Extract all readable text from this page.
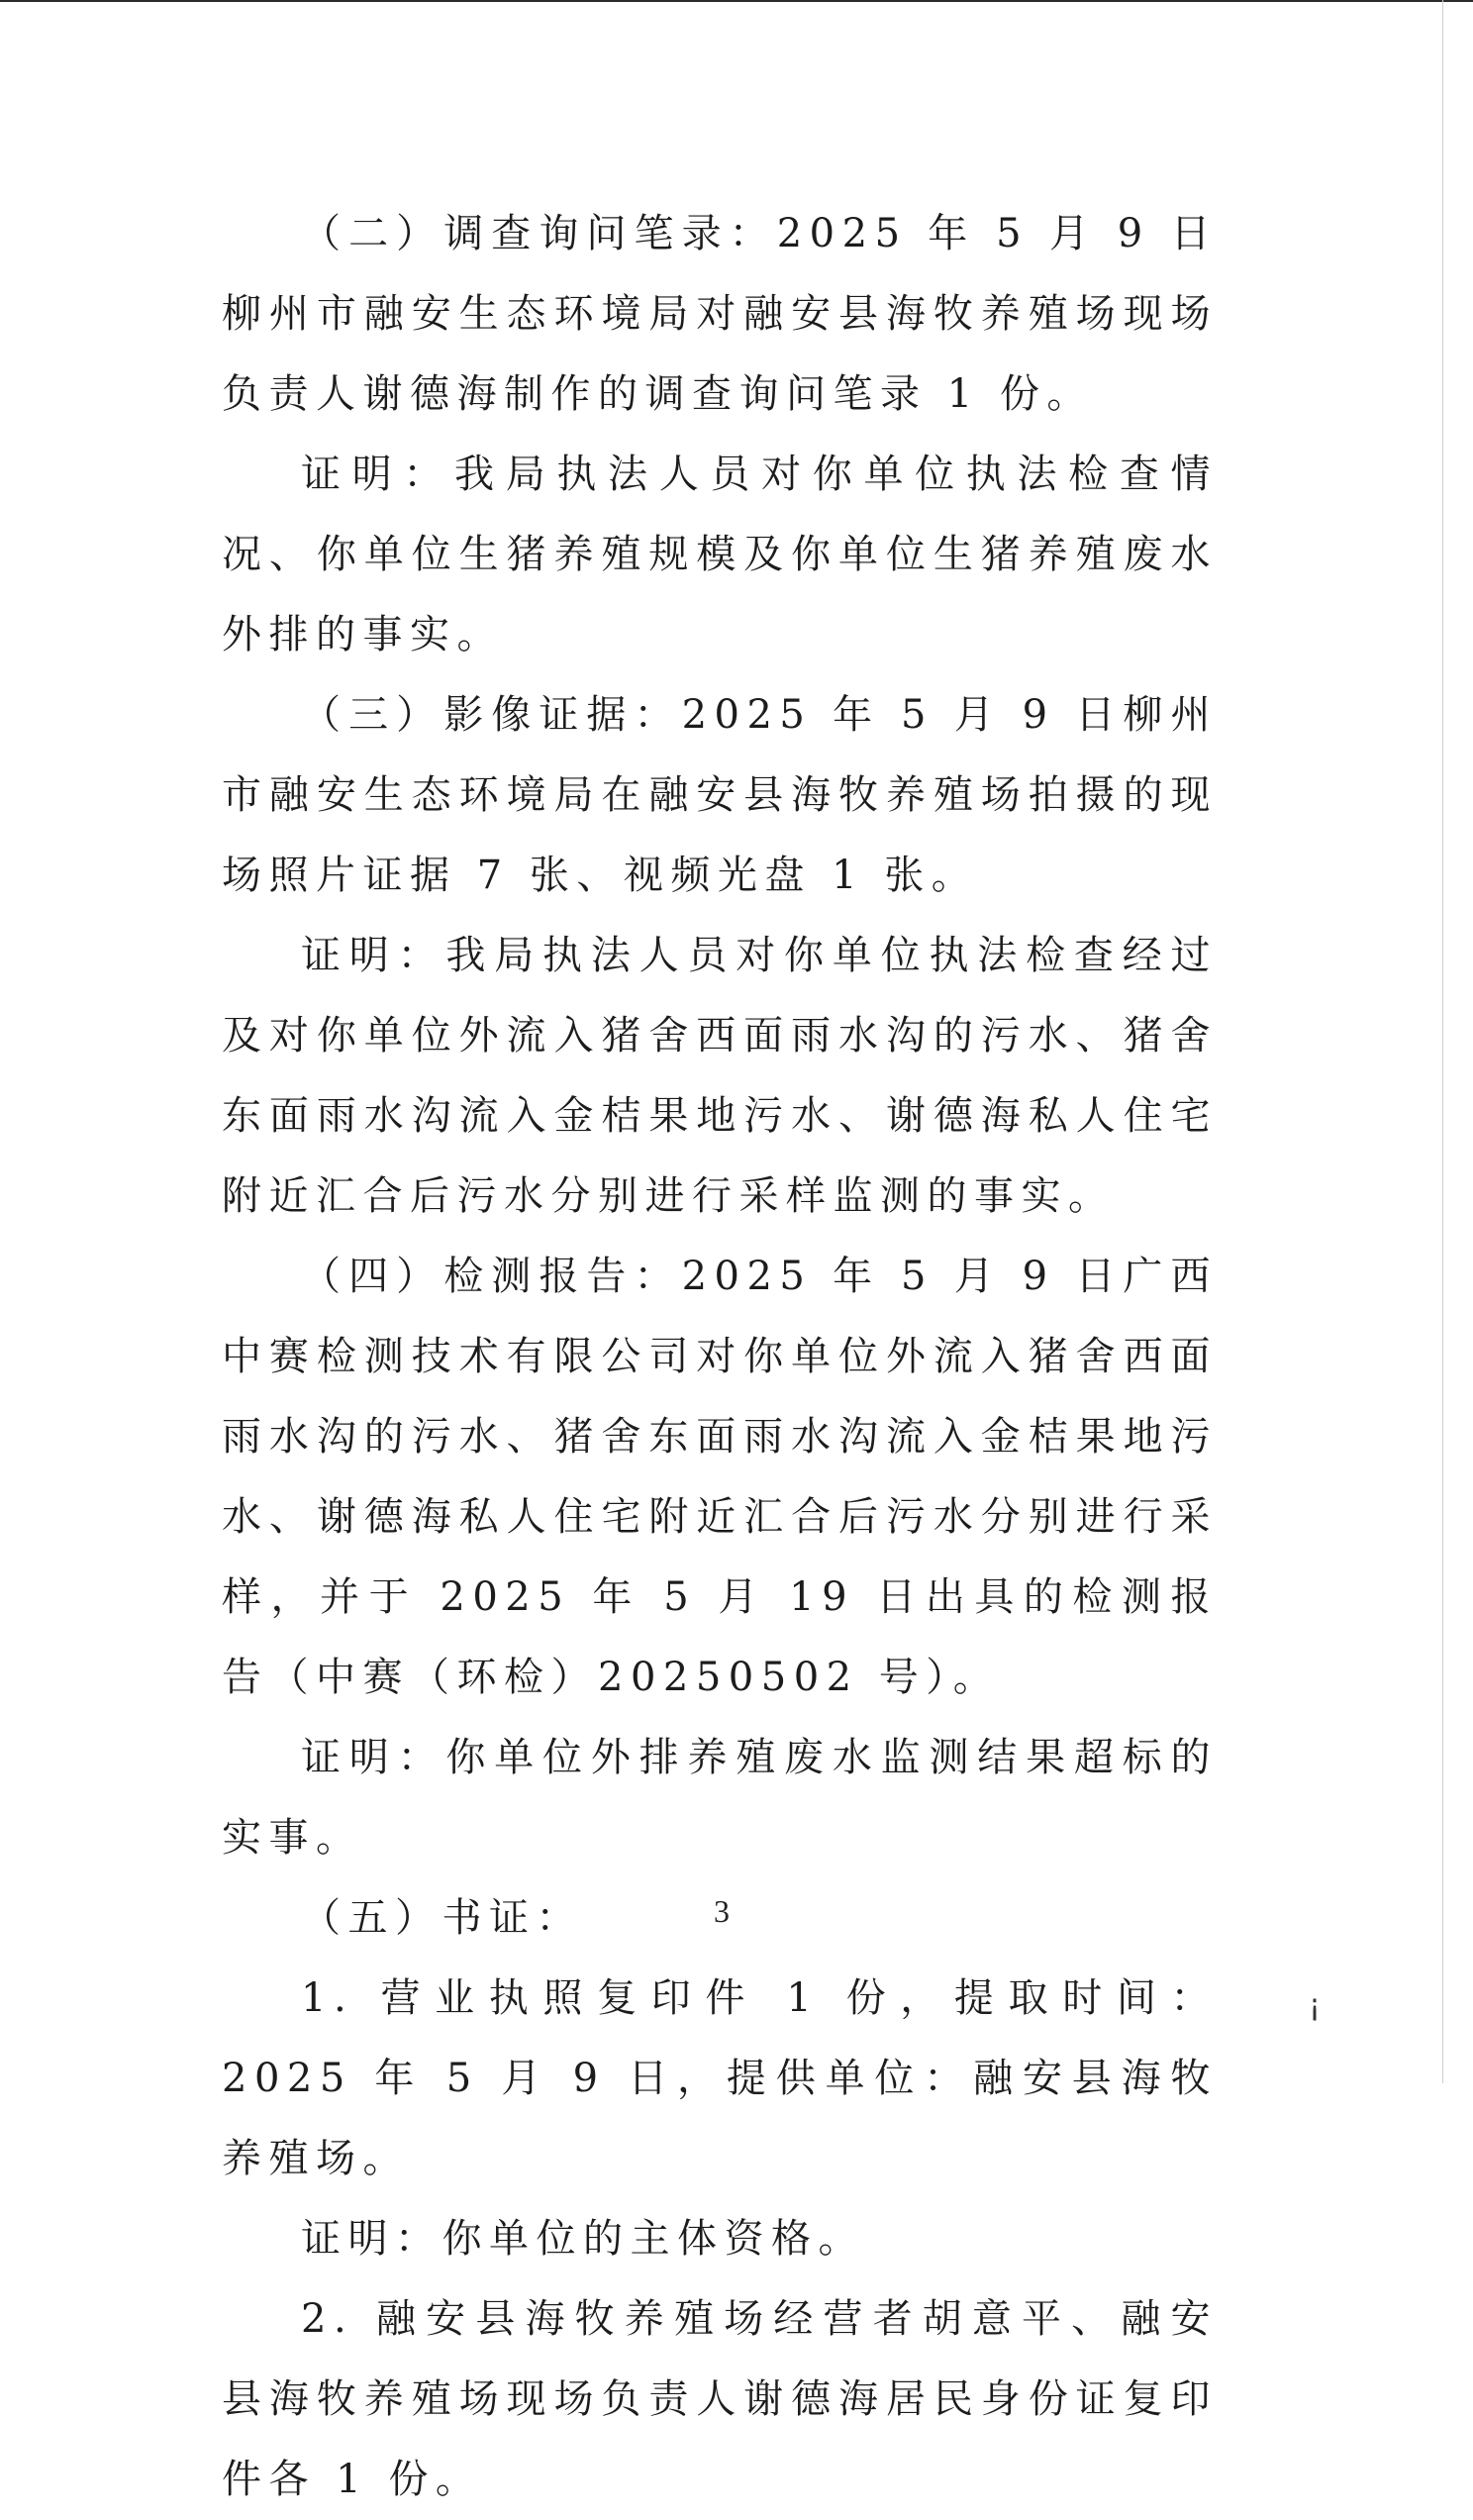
（二）调查询问笔录：2025 年 5 月 9 日柳州市融安生态环境局对融安县海牧养殖场现场负责人谢德海制作的调查询问笔录 1 份。

证明：我局执法人员对你单位执法检查情况、你单位生猪养殖规模及你单位生猪养殖废水外排的事实。

（三）影像证据：2025 年 5 月 9 日柳州市融安生态环境局在融安县海牧养殖场拍摄的现场照片证据 7 张、视频光盘 1 张。

证明：我局执法人员对你单位执法检查经过及对你单位外流入猪舍西面雨水沟的污水、猪舍东面雨水沟流入金桔果地污水、谢德海私人住宅附近汇合后污水分别进行采样监测的事实。

（四）检测报告：2025 年 5 月 9 日广西中赛检测技术有限公司对你单位外流入猪舍西面雨水沟的污水、猪舍东面雨水沟流入金桔果地污水、谢德海私人住宅附近汇合后污水分别进行采样，并于 2025 年 5 月 19 日出具的检测报告（中赛（环检）20250502 号）。

证明：你单位外排养殖废水监测结果超标的实事。

（五）书证：

1. 营业执照复印件 1 份，提取时间：2025 年 5 月 9 日，提供单位：融安县海牧养殖场。

证明：你单位的主体资格。

2. 融安县海牧养殖场经营者胡意平、融安县海牧养殖场现场负责人谢德海居民身份证复印件各 1 份。

3
¡
